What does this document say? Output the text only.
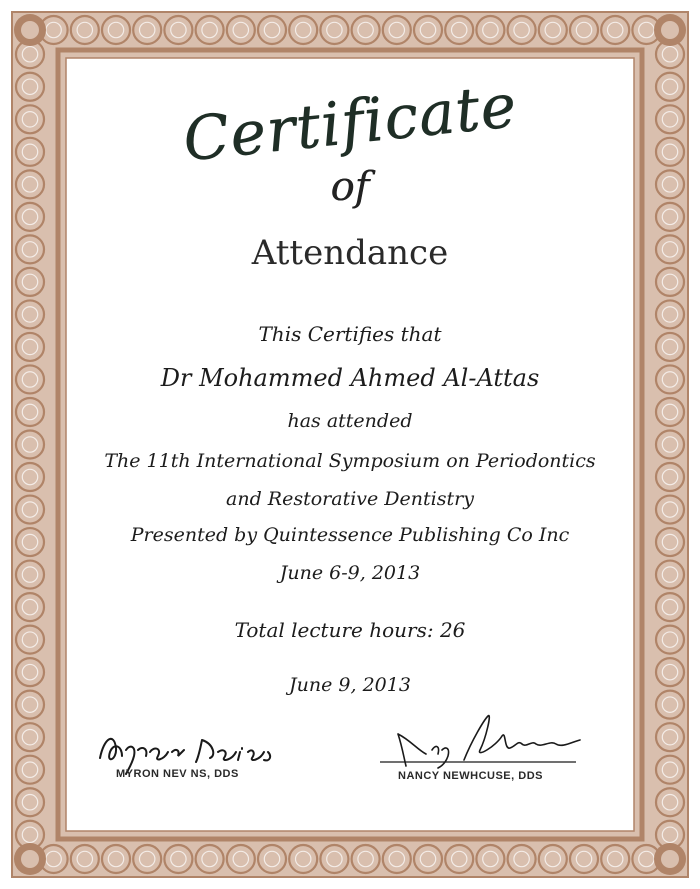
Certificate
of
Attendance
This Certifies that
Dr Mohammed Ahmed Al-Attas
has attended
The 11th International Symposium on Periodontics
and Restorative Dentistry
Presented by Quintessence Publishing Co Inc
June 6-9, 2013
Total lecture hours: 26
June 9, 2013
MYRON NEV NS, DDS	NANCY NEWHCUSE, DDS
